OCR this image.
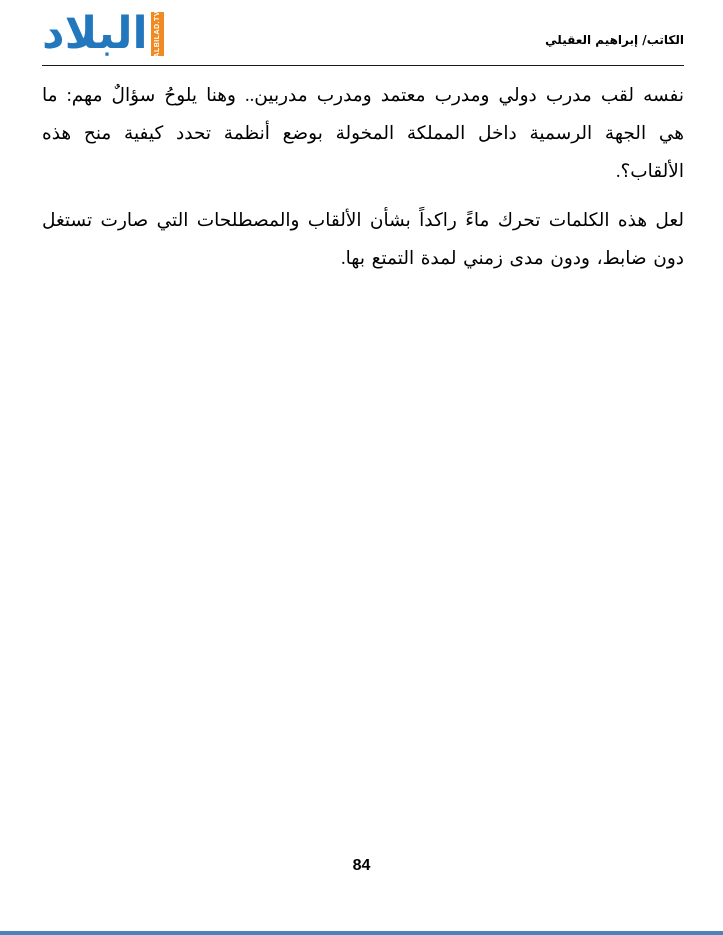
البلاد ALBILAD.TV	الكاتب/ إبراهيم العقيلي

نفسه لقب مدرب دولي ومدرب معتمد ومدرب مدربين.. وهنا يلوحُ سؤالٌ مهم: ما هي الجهة الرسمية داخل المملكة المخولة بوضع أنظمة تحدد كيفية منح هذه الألقاب؟.

لعل هذه الكلمات تحرك ماءً راكداً بشأن الألقاب والمصطلحات التي صارت تستغل دون ضابط، ودون مدى زمني لمدة التمتع بها.

84
